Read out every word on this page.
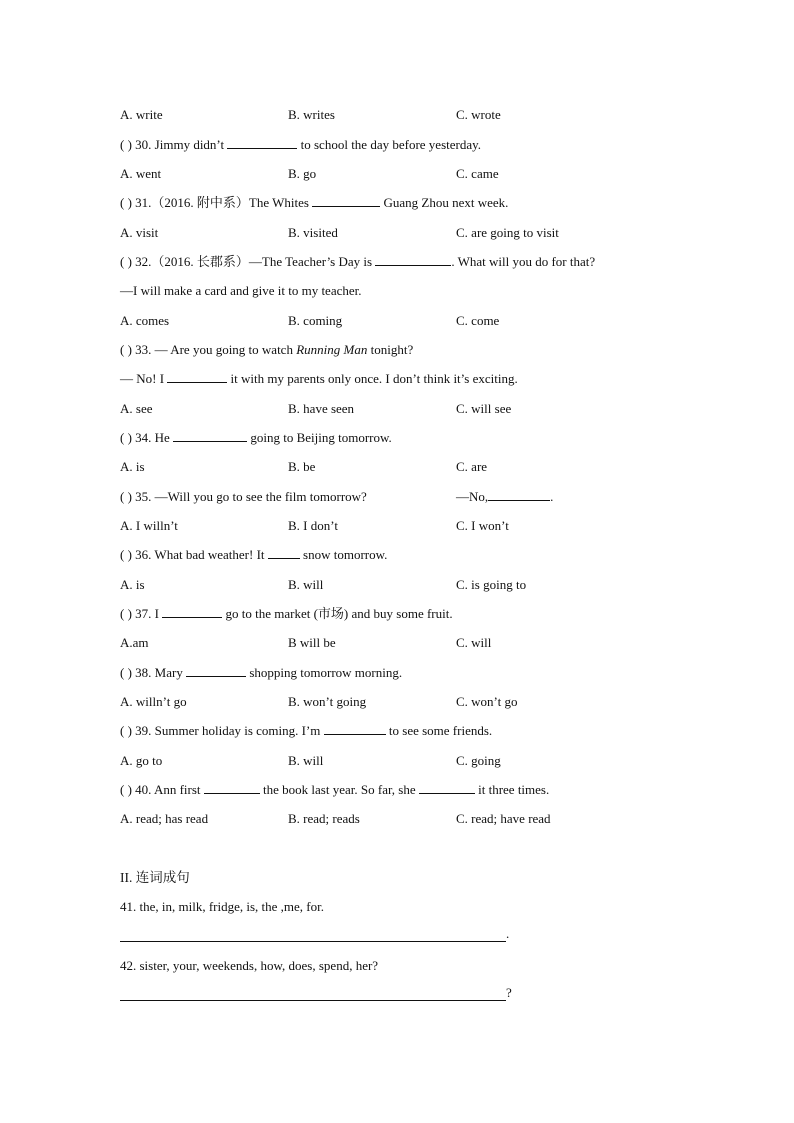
A. write	B. writes	C. wrote
( ) 30. Jimmy didn’t	to school the day before yesterday.
A. went	B. go	C. came
( ) 31.（2016. 附中系）The Whites	Guang Zhou next week.
A. visit	B. visited	C. are going to visit
( ) 32.（2016. 长郡系）—The Teacher’s Day is	. What will you do for that?
—I will make a card and give it to my teacher.
A. comes	B. coming	C. come
( ) 33. — Are you going to watch Running Man tonight?
— No! I	it with my parents only once. I don’t think it’s exciting.
A. see	B. have seen	C. will see
( ) 34. He	going to Beijing tomorrow.
A. is	B. be	C. are
( ) 35. —Will you go to see the film tomorrow?	—No,	.
A. I willn’t	B. I don’t	C. I won’t
( ) 36. What bad weather! It	snow tomorrow.
A. is	B. will	C. is going to
( ) 37. I	go to the market (市场) and buy some fruit.
A.am	B will be	C. will
( ) 38. Mary	shopping tomorrow morning.
A. willn’t go	B. won’t going	C. won’t go
( ) 39. Summer holiday is coming. I’m	to see some friends.
A. go to	B. will	C. going
( ) 40. Ann first	the book last year. So far, she	it three times.
A. read; has read	B. read; reads	C. read; have read
II. 连词成句
41. the, in, milk, fridge, is, the ,me, for.
.
42. sister, your, weekends, how, does, spend, her?
?
